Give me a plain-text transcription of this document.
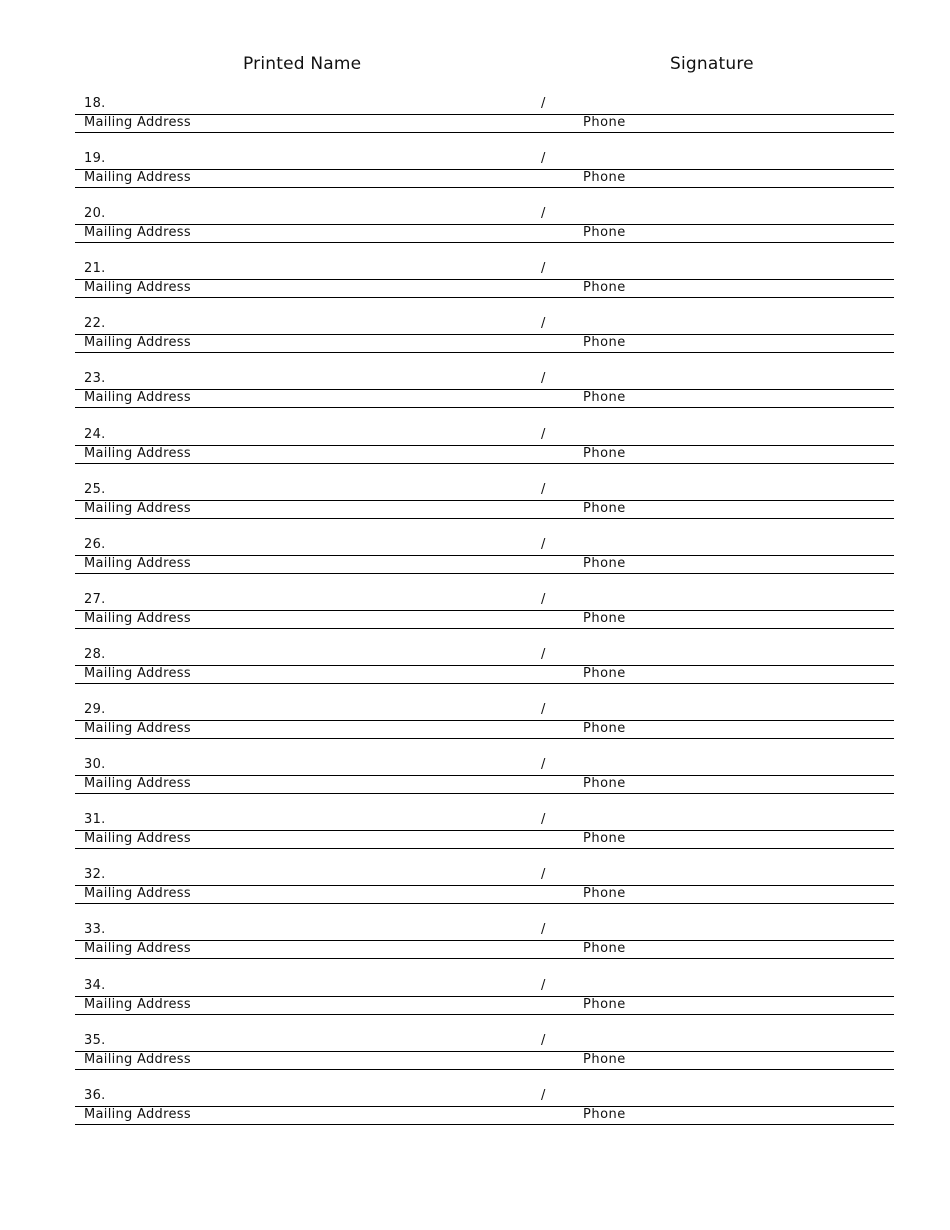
Printed Name	Signature
18.	/
Mailing Address	Phone
19.	/
Mailing Address	Phone
20.	/
Mailing Address	Phone
21.	/
Mailing Address	Phone
22.	/
Mailing Address	Phone
23.	/
Mailing Address	Phone
24.	/
Mailing Address	Phone
25.	/
Mailing Address	Phone
26.	/
Mailing Address	Phone
27.	/
Mailing Address	Phone
28.	/
Mailing Address	Phone
29.	/
Mailing Address	Phone
30.	/
Mailing Address	Phone
31.	/
Mailing Address	Phone
32.	/
Mailing Address	Phone
33.	/
Mailing Address	Phone
34.	/
Mailing Address	Phone
35.	/
Mailing Address	Phone
36.	/
Mailing Address	Phone
